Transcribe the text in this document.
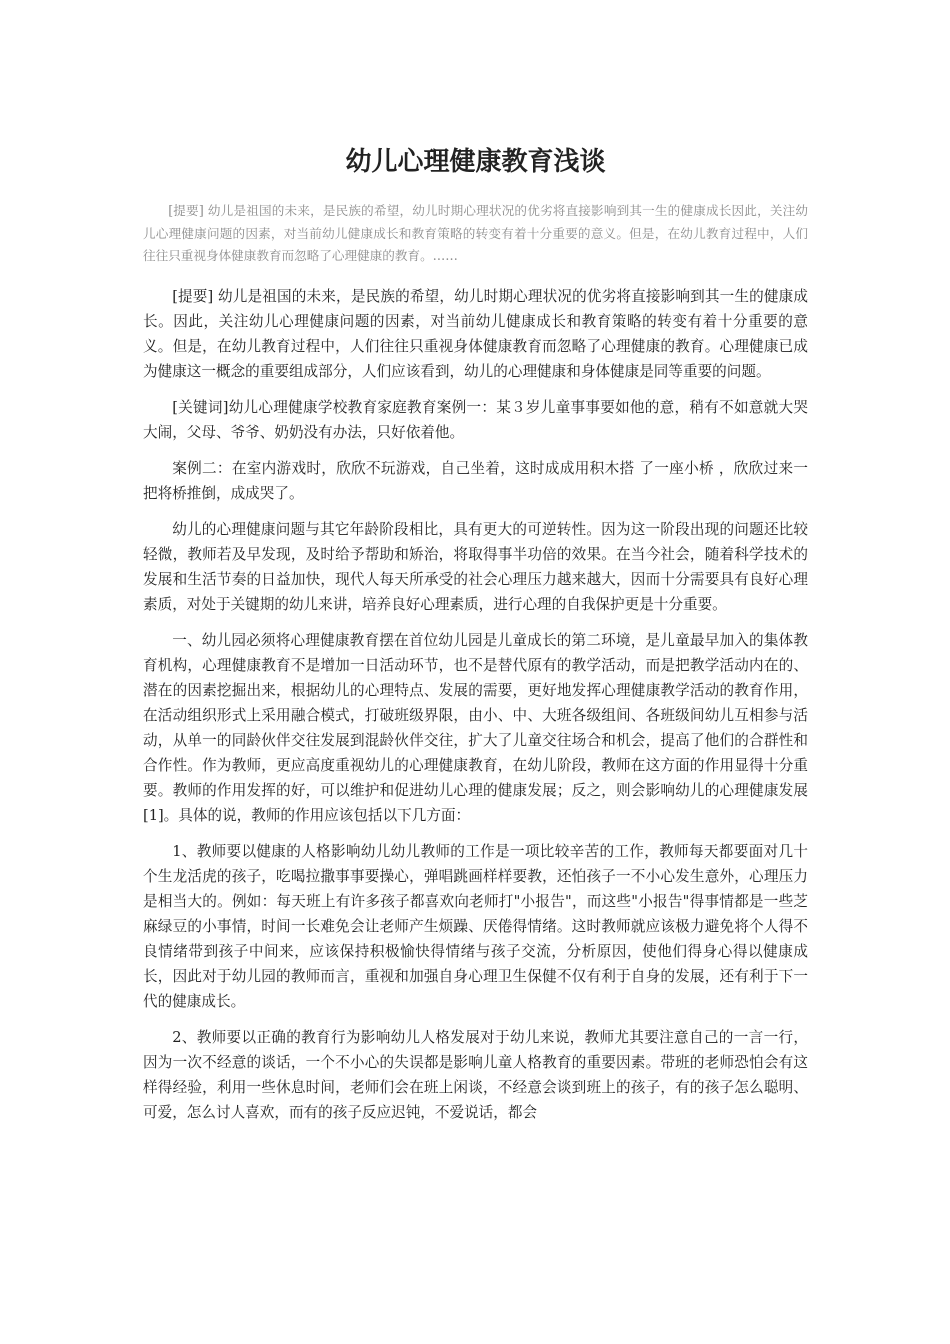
幼儿心理健康教育浅谈

[提要] 幼儿是祖国的未来，是民族的希望，幼儿时期心理状况的优劣将直接影响到其一生的健康成长因此，关注幼儿心理健康问题的因素，对当前幼儿健康成长和教育策略的转变有着十分重要的意义。但是，在幼儿教育过程中，人们往往只重视身体健康教育而忽略了心理健康的教育。……

[提要] 幼儿是祖国的未来，是民族的希望，幼儿时期心理状况的优劣将直接影响到其一生的健康成长。因此，关注幼儿心理健康问题的因素，对当前幼儿健康成长和教育策略的转变有着十分重要的意义。但是，在幼儿教育过程中，人们往往只重视身体健康教育而忽略了心理健康的教育。心理健康已成为健康这一概念的重要组成部分，人们应该看到，幼儿的心理健康和身体健康是同等重要的问题。

[关键词]幼儿心理健康学校教育家庭教育案例一：某３岁儿童事事要如他的意，稍有不如意就大哭大闹，父母、爷爷、奶奶没有办法，只好依着他。

案例二：在室内游戏时，欣欣不玩游戏，自己坐着，这时成成用积木搭 了一座小桥 ，欣欣过来一把将桥推倒，成成哭了。

幼儿的心理健康问题与其它年龄阶段相比，具有更大的可逆转性。因为这一阶段出现的问题还比较轻微，教师若及早发现，及时给予帮助和矫治，将取得事半功倍的效果。在当今社会，随着科学技术的发展和生活节奏的日益加快，现代人每天所承受的社会心理压力越来越大，因而十分需要具有良好心理素质，对处于关键期的幼儿来讲，培养良好心理素质，进行心理的自我保护更是十分重要。

一、幼儿园必须将心理健康教育摆在首位幼儿园是儿童成长的第二环境，是儿童最早加入的集体教育机构，心理健康教育不是增加一日活动环节，也不是替代原有的教学活动，而是把教学活动内在的、潜在的因素挖掘出来，根据幼儿的心理特点、发展的需要，更好地发挥心理健康教学活动的教育作用，在活动组织形式上采用融合模式，打破班级界限，由小、中、大班各级组间、各班级间幼儿互相参与活动，从单一的同龄伙伴交往发展到混龄伙伴交往，扩大了儿童交往场合和机会，提高了他们的合群性和合作性。作为教师，更应高度重视幼儿的心理健康教育，在幼儿阶段，教师在这方面的作用显得十分重要。教师的作用发挥的好，可以维护和促进幼儿心理的健康发展；反之，则会影响幼儿的心理健康发展[1]。具体的说，教师的作用应该包括以下几方面：

1、教师要以健康的人格影响幼儿幼儿教师的工作是一项比较辛苦的工作，教师每天都要面对几十个生龙活虎的孩子，吃喝拉撒事事要操心，弹唱跳画样样要教，还怕孩子一不小心发生意外，心理压力是相当大的。例如：每天班上有许多孩子都喜欢向老师打"小报告"，而这些"小报告"得事情都是一些芝麻绿豆的小事情，时间一长难免会让老师产生烦躁、厌倦得情绪。这时教师就应该极力避免将个人得不良情绪带到孩子中间来，应该保持积极愉快得情绪与孩子交流，分析原因，使他们得身心得以健康成长，因此对于幼儿园的教师而言，重视和加强自身心理卫生保健不仅有利于自身的发展，还有利于下一代的健康成长。

2、教师要以正确的教育行为影响幼儿人格发展对于幼儿来说，教师尤其要注意自己的一言一行，因为一次不经意的谈话，一个不小心的失误都是影响儿童人格教育的重要因素。带班的老师恐怕会有这样得经验，利用一些休息时间，老师们会在班上闲谈，不经意会谈到班上的孩子，有的孩子怎么聪明、可爱，怎么讨人喜欢，而有的孩子反应迟钝，不爱说话，都会
